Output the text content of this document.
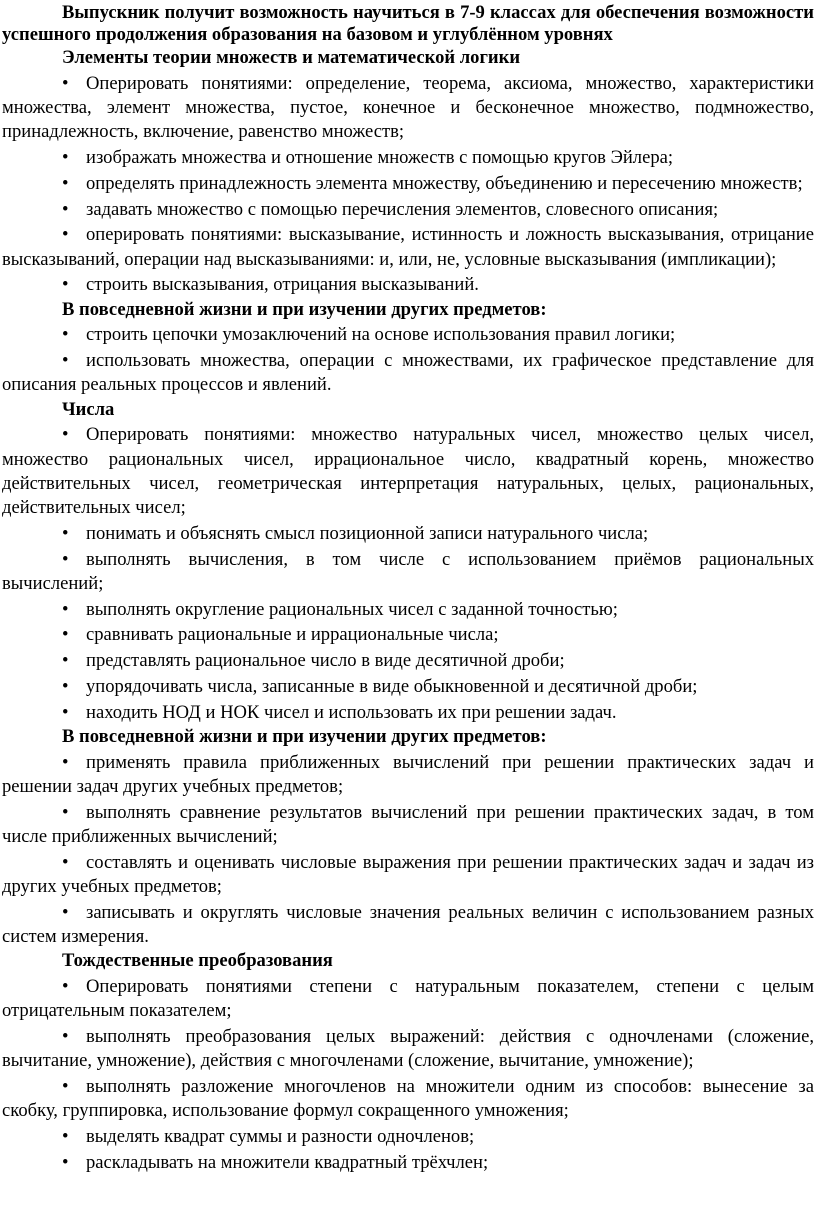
Выпускник получит возможность научиться в 7-9 классах для обеспечения возможности успешного продолжения образования на базовом и углублённом уровнях

Элементы теории множеств и математической логики

• Оперировать понятиями: определение, теорема, аксиома, множество, характеристики множества, элемент множества, пустое, конечное и бесконечное множество, подмножество, принадлежность, включение, равенство множеств;

• изображать множества и отношение множеств с помощью кругов Эйлера;

• определять принадлежность элемента множеству, объединению и пересечению множеств;

• задавать множество с помощью перечисления элементов, словесного описания;

• оперировать понятиями: высказывание, истинность и ложность высказывания, отрицание высказываний, операции над высказываниями: и, или, не, условные высказывания (импликации);

• строить высказывания, отрицания высказываний.

В повседневной жизни и при изучении других предметов:

• строить цепочки умозаключений на основе использования правил логики;

• использовать множества, операции с множествами, их графическое представление для описания реальных процессов и явлений.

Числа

• Оперировать понятиями: множество натуральных чисел, множество целых чисел, множество рациональных чисел, иррациональное число, квадратный корень, множество действительных чисел, геометрическая интерпретация натуральных, целых, рациональных, действительных чисел;

• понимать и объяснять смысл позиционной записи натурального числа;

• выполнять вычисления, в том числе с использованием приёмов рациональных вычислений;

• выполнять округление рациональных чисел с заданной точностью;

• сравнивать рациональные и иррациональные числа;

• представлять рациональное число в виде десятичной дроби;

• упорядочивать числа, записанные в виде обыкновенной и десятичной дроби;

• находить НОД и НОК чисел и использовать их при решении задач.

В повседневной жизни и при изучении других предметов:

• применять правила приближенных вычислений при решении практических задач и решении задач других учебных предметов;

• выполнять сравнение результатов вычислений при решении практических задач, в том числе приближенных вычислений;

• составлять и оценивать числовые выражения при решении практических задач и задач из других учебных предметов;

• записывать и округлять числовые значения реальных величин с использованием разных систем измерения.

Тождественные преобразования

• Оперировать понятиями степени с натуральным показателем, степени с целым отрицательным показателем;

• выполнять преобразования целых выражений: действия с одночленами (сложение, вычитание, умножение), действия с многочленами (сложение, вычитание, умножение);

• выполнять разложение многочленов на множители одним из способов: вынесение за скобку, группировка, использование формул сокращенного умножения;

• выделять квадрат суммы и разности одночленов;

• раскладывать на множители квадратный трёхчлен;
